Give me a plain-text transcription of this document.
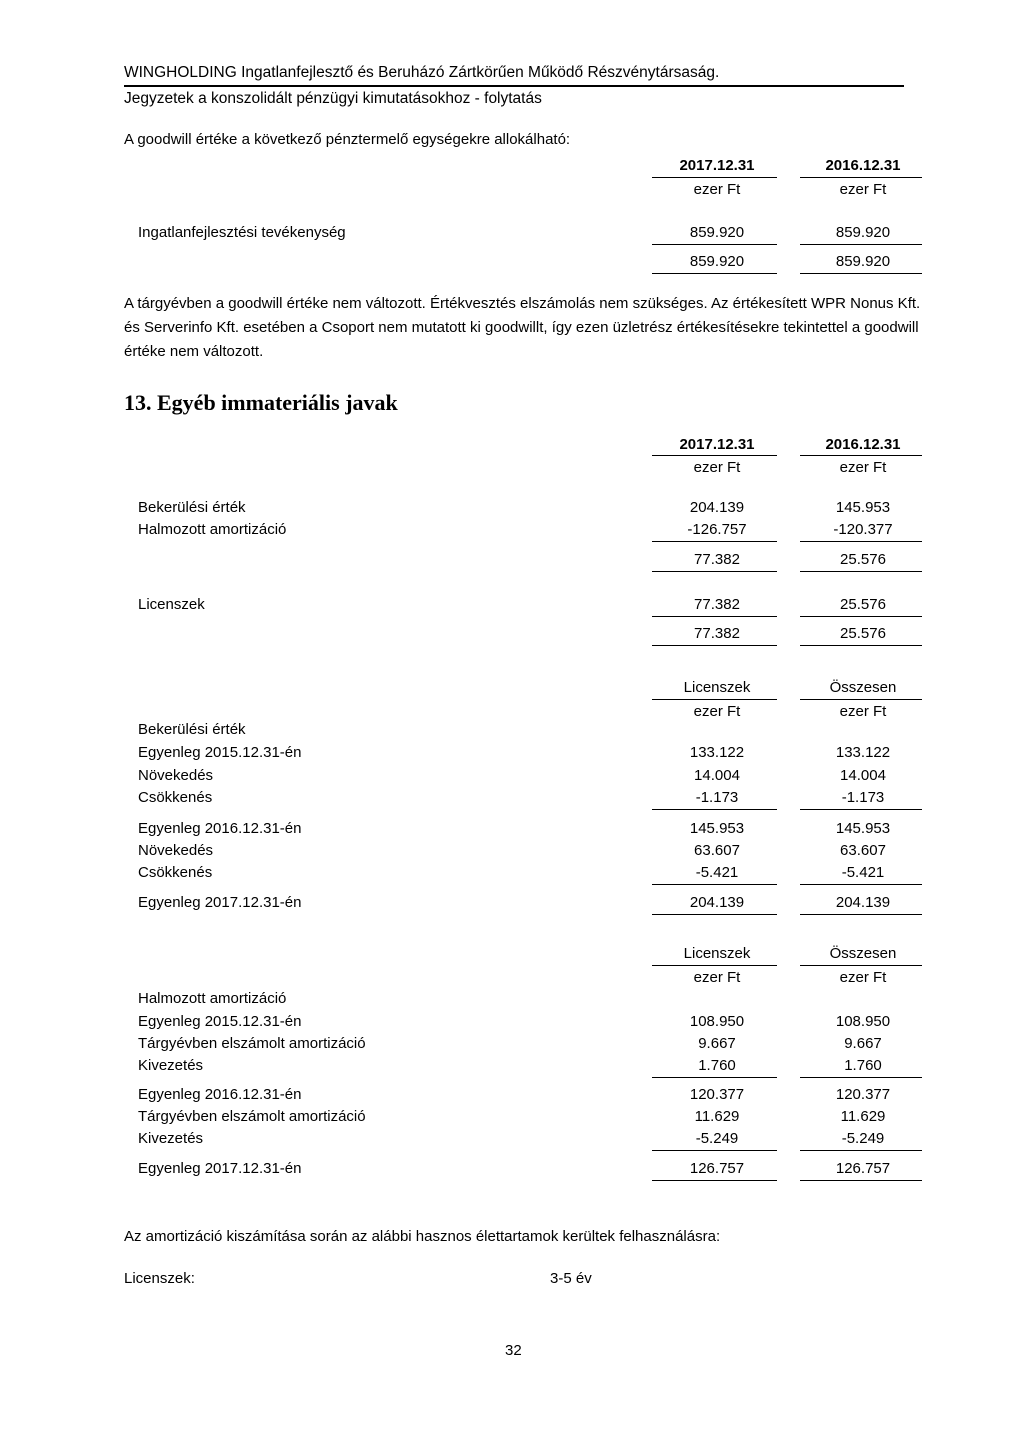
WINGHOLDING Ingatlanfejlesztő és Beruházó Zártkörűen Működő Részvénytársaság.
Jegyzetek a konszolidált pénzügyi kimutatásokhoz - folytatás
A goodwill értéke a következő pénztermelő egységekre allokálható:
2017.12.31	2016.12.31
ezer Ft	ezer Ft
Ingatlanfejlesztési tevékenység	859.920	859.920
859.920	859.920
A tárgyévben a goodwill értéke nem változott. Értékvesztés elszámolás nem szükséges. Az értékesített WPR Nonus Kft. és Serverinfo Kft. esetében a Csoport nem mutatott ki goodwillt, így ezen üzletrész értékesítésekre tekintettel a goodwill értéke nem változott.
13. Egyéb immateriális javak
2017.12.31	2016.12.31
ezer Ft	ezer Ft
Bekerülési érték	204.139	145.953
Halmozott amortizáció	-126.757	-120.377
77.382	25.576
Licenszek	77.382	25.576
77.382	25.576
Licenszek	Összesen
ezer Ft	ezer Ft
Bekerülési érték
Egyenleg 2015.12.31-én	133.122	133.122
Növekedés	14.004	14.004
Csökkenés	-1.173	-1.173
Egyenleg 2016.12.31-én	145.953	145.953
Növekedés	63.607	63.607
Csökkenés	-5.421	-5.421
Egyenleg 2017.12.31-én	204.139	204.139
Licenszek	Összesen
ezer Ft	ezer Ft
Halmozott amortizáció
Egyenleg 2015.12.31-én	108.950	108.950
Tárgyévben elszámolt amortizáció	9.667	9.667
Kivezetés	1.760	1.760
Egyenleg 2016.12.31-én	120.377	120.377
Tárgyévben elszámolt amortizáció	11.629	11.629
Kivezetés	-5.249	-5.249
Egyenleg 2017.12.31-én	126.757	126.757
Az amortizáció kiszámítása során az alábbi hasznos élettartamok kerültek felhasználásra:
Licenszek:	3-5 év
32
